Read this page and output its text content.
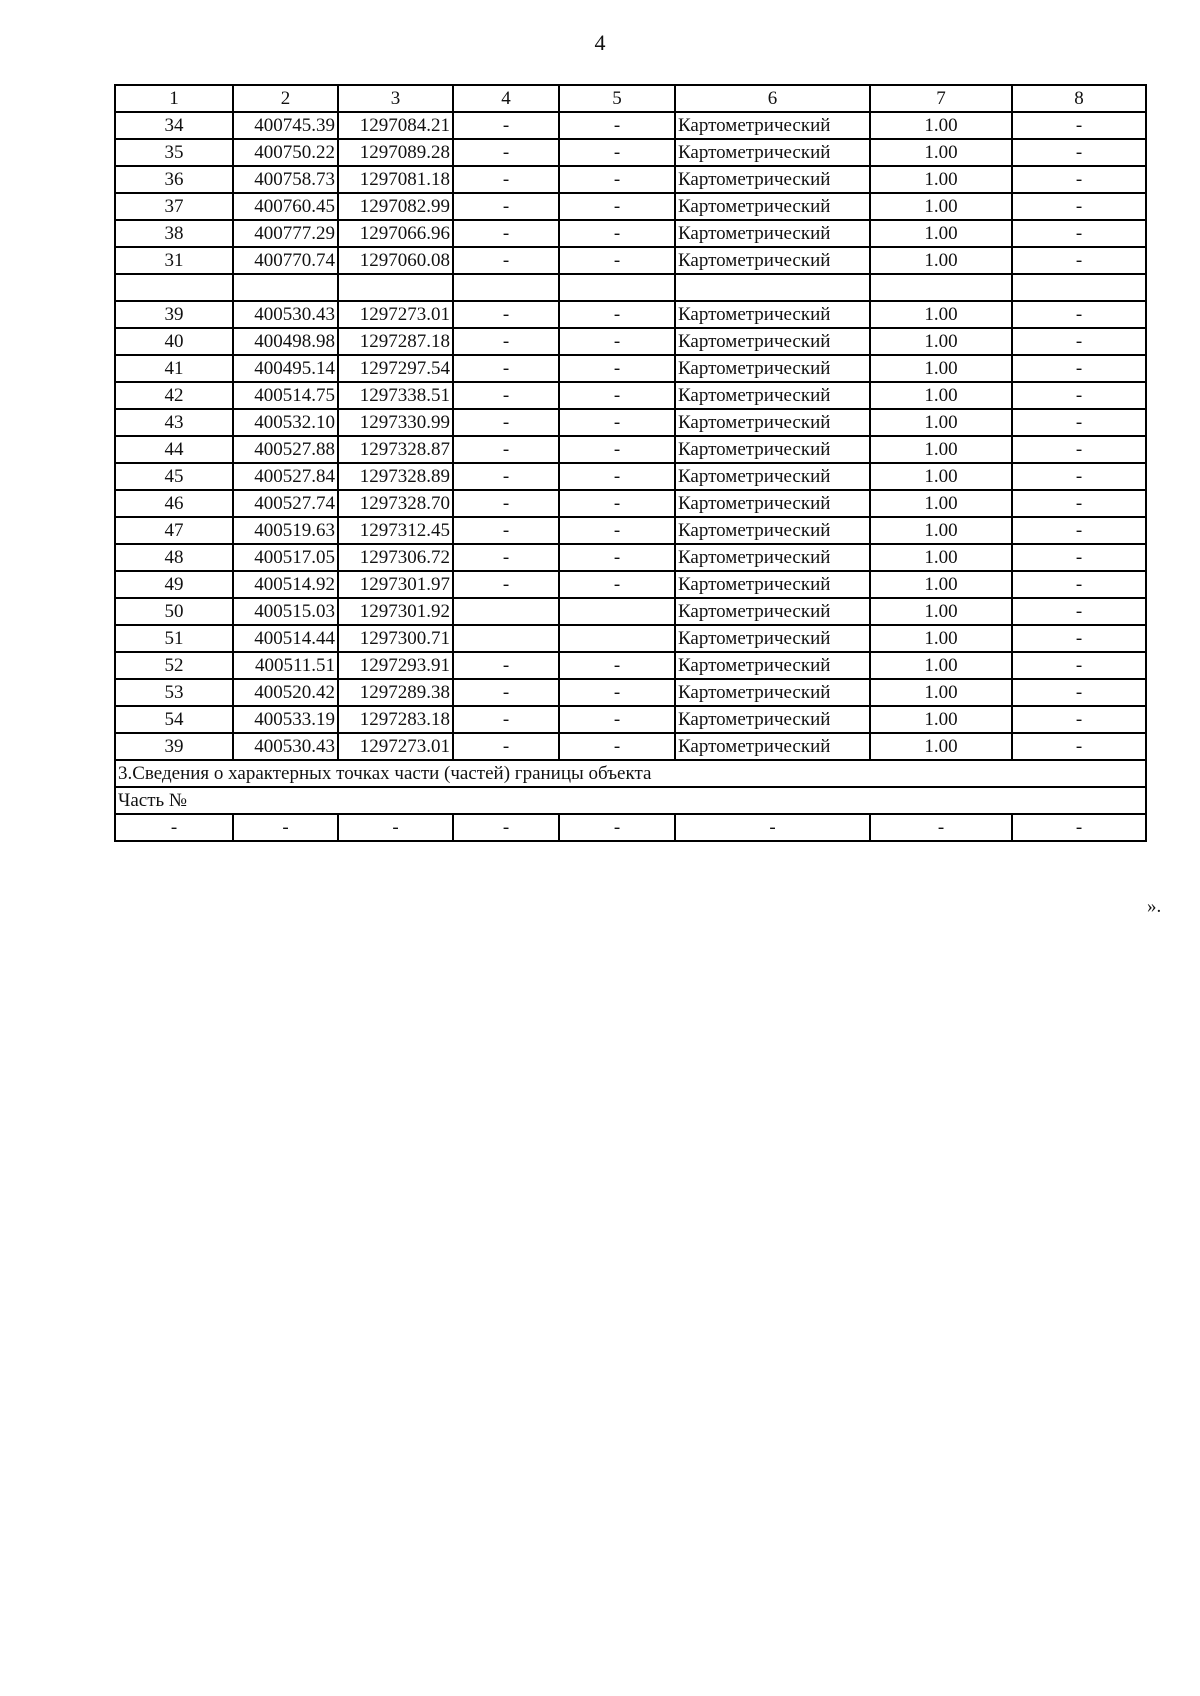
4
1	2	3	4	5	6	7	8
34	400745.39	1297084.21	-	-	Картометрический	1.00	-
35	400750.22	1297089.28	-	-	Картометрический	1.00	-
36	400758.73	1297081.18	-	-	Картометрический	1.00	-
37	400760.45	1297082.99	-	-	Картометрический	1.00	-
38	400777.29	1297066.96	-	-	Картометрический	1.00	-
31	400770.74	1297060.08	-	-	Картометрический	1.00	-

39	400530.43	1297273.01	-	-	Картометрический	1.00	-
40	400498.98	1297287.18	-	-	Картометрический	1.00	-
41	400495.14	1297297.54	-	-	Картометрический	1.00	-
42	400514.75	1297338.51	-	-	Картометрический	1.00	-
43	400532.10	1297330.99	-	-	Картометрический	1.00	-
44	400527.88	1297328.87	-	-	Картометрический	1.00	-
45	400527.84	1297328.89	-	-	Картометрический	1.00	-
46	400527.74	1297328.70	-	-	Картометрический	1.00	-
47	400519.63	1297312.45	-	-	Картометрический	1.00	-
48	400517.05	1297306.72	-	-	Картометрический	1.00	-
49	400514.92	1297301.97	-	-	Картометрический	1.00	-
50	400515.03	1297301.92			Картометрический	1.00	-
51	400514.44	1297300.71			Картометрический	1.00	-
52	400511.51	1297293.91	-	-	Картометрический	1.00	-
53	400520.42	1297289.38	-	-	Картометрический	1.00	-
54	400533.19	1297283.18	-	-	Картометрический	1.00	-
39	400530.43	1297273.01	-	-	Картометрический	1.00	-
3.Сведения о характерных точках части (частей) границы объекта							
Часть №							
-	-	-	-	-	-	-	-
».
